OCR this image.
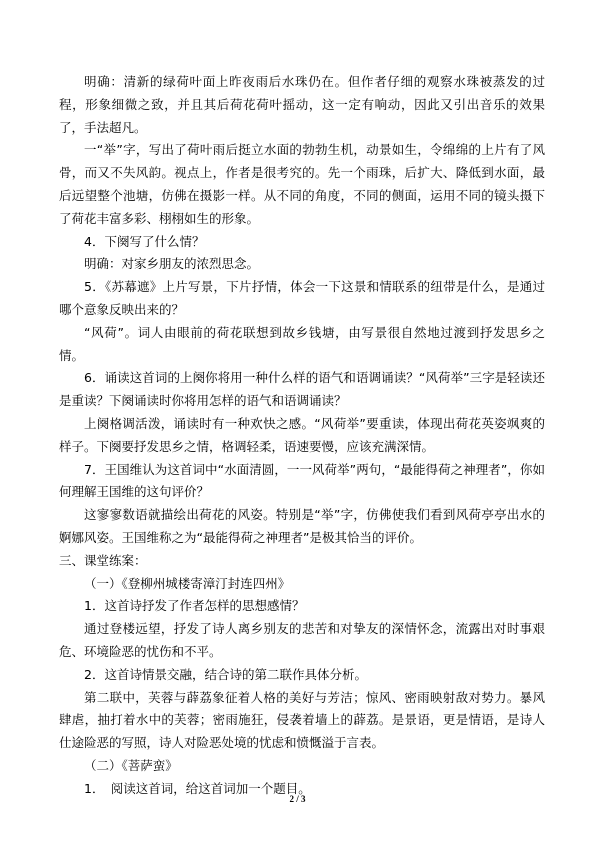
明确：清新的绿荷叶面上昨夜雨后水珠仍在。但作者仔细的观察水珠被蒸发的过程，形象细微之致，并且其后荷花荷叶摇动，这一定有响动，因此又引出音乐的效果了，手法超凡。

一“举”字，写出了荷叶雨后挺立水面的勃勃生机，动景如生，令绵绵的上片有了风骨，而又不失风韵。视点上，作者是很考究的。先一个雨珠，后扩大、降低到水面，最后远望整个池塘，仿佛在摄影一样。从不同的角度，不同的侧面，运用不同的镜头摄下了荷花丰富多彩、栩栩如生的形象。

4．下阕写了什么情？

明确：对家乡朋友的浓烈思念。

5．《苏幕遮》上片写景，下片抒情，体会一下这景和情联系的纽带是什么，是通过哪个意象反映出来的？

“风荷”。词人由眼前的荷花联想到故乡钱塘，由写景很自然地过渡到抒发思乡之情。

6．诵读这首词的上阕你将用一种什么样的语气和语调诵读？“风荷举”三字是轻读还是重读？下阕诵读时你将用怎样的语气和语调诵读？

上阕格调活泼，诵读时有一种欢快之感。“风荷举”要重读，体现出荷花英姿飒爽的样子。下阕要抒发思乡之情，格调轻柔，语速要慢，应该充满深情。

7．王国维认为这首词中“水面清圆，一一风荷举”两句，“最能得荷之神理者”，你如何理解王国维的这句评价？

这寥寥数语就描绘出荷花的风姿。特别是“举”字，仿佛使我们看到风荷亭亭出水的婀娜风姿。王国维称之为“最能得荷之神理者”是极其恰当的评价。

三、课堂练案：

（一）《登柳州城楼寄漳汀封连四州》

1．这首诗抒发了作者怎样的思想感情？

通过登楼远望，抒发了诗人离乡别友的悲苦和对挚友的深情怀念，流露出对时事艰危、环境险恶的忧伤和不平。

2．这首诗情景交融，结合诗的第二联作具体分析。

第二联中，芙蓉与薜荔象征着人格的美好与芳洁；惊风、密雨映射敌对势力。暴风肆虐，抽打着水中的芙蓉；密雨施狂，侵袭着墙上的薜荔。是景语，更是情语，是诗人仕途险恶的写照，诗人对险恶处境的忧虑和愤慨溢于言表。

（二）《菩萨蛮》

1．　阅读这首词，给这首词加一个题目。

2 / 3
